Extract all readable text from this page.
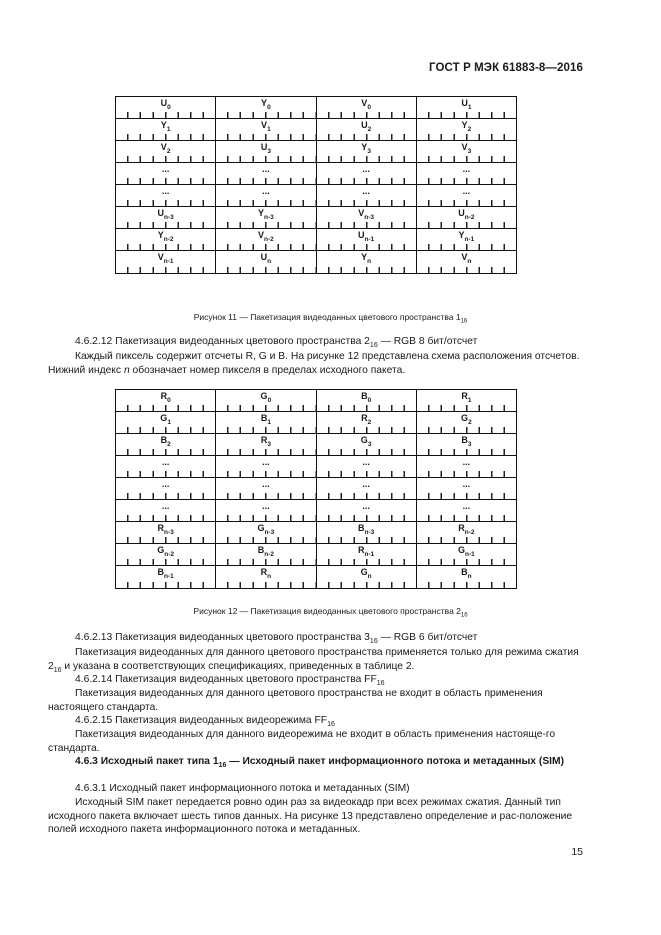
ГОСТ Р МЭК 61883-8—2016
$U_0$	$Y_0$	$V_0$	$U_1$
$Y_1$	$V_1$	$U_2$	$Y_2$
$V_2$	$U_3$	$Y_3$	$V_3$
...	...	...	...
...	...	...	...
$U_{n-3}$	$Y_{n-3}$	$V_{n-3}$	$U_{n-2}$
$Y_{n-2}$	$V_{n-2}$	$U_{n-1}$	$Y_{n-1}$
$V_{n-1}$	$U_n$	$Y_n$	$V_n$
Рисунок 11 — Пакетизация видеоданных цветового пространства $1_{16}$

4.6.2.12 Пакетизация видеоданных цветового пространства $2_{16}$ — RGB 8 бит/отсчет

Каждый пиксель содержит отсчеты R, G и B. На рисунке 12 представлена схема расположения отсчетов. Нижний индекс n обозначает номер пикселя в пределах исходного пакета.

$R_0$	$G_0$	$B_0$	$R_1$
$G_1$	$B_1$	$R_2$	$G_2$
$B_2$	$R_3$	$G_3$	$B_3$
...	...	...	...
...	...	...	...
...	...	...	...
$R_{n-3}$	$G_{n-3}$	$B_{n-3}$	$R_{n-2}$
$G_{n-2}$	$B_{n-2}$	$R_{n-1}$	$G_{n-1}$
$B_{n-1}$	$R_n$	$G_n$	$B_n$
Рисунок 12 — Пакетизация видеоданных цветового пространства $2_{16}$

4.6.2.13 Пакетизация видеоданных цветового пространства $3_{16}$ — RGB 6 бит/отсчет

Пакетизация видеоданных для данного цветового пространства применяется только для режима сжатия $2_{16}$ и указана в соответствующих спецификациях, приведенных в таблице 2.

4.6.2.14 Пакетизация видеоданных цветового пространства $FF_{16}$

Пакетизация видеоданных для данного цветового пространства не входит в область применения настоящего стандарта.

4.6.2.15 Пакетизация видеоданных видеорежима $FF_{16}$

Пакетизация видеоданных для данного видеорежима не входит в область применения настояще-го стандарта.

4.6.3 Исходный пакет типа $1_{16}$ — Исходный пакет информационного потока и метаданных (SIM)

4.6.3.1 Исходный пакет информационного потока и метаданных (SIM)

Исходный SIM пакет передается ровно один раз за видеокадр при всех режимах сжатия. Данный тип исходного пакета включает шесть типов данных. На рисунке 13 представлено определение и рас-положение полей исходного пакета информационного потока и метаданных.

15
